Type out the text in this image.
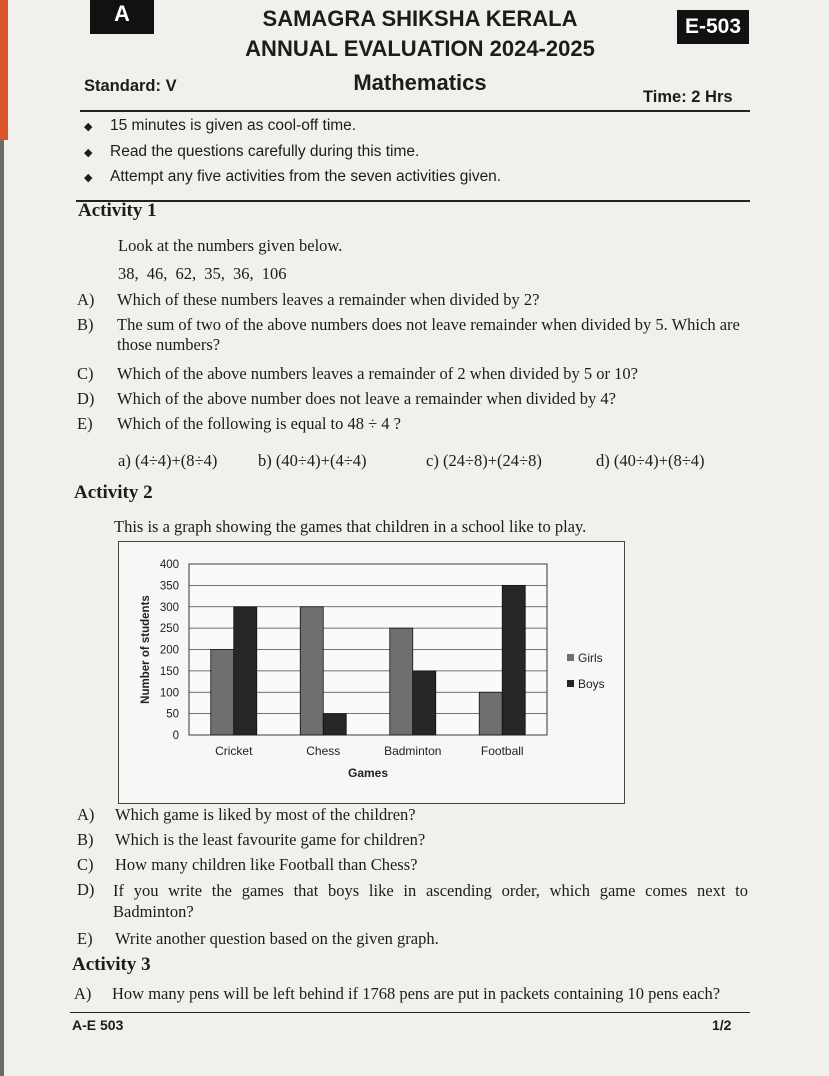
A	SAMAGRA SHIKSHA KERALA
ANNUAL EVALUATION 2024-2025
E-503
Standard: V	Mathematics
Time: 2 Hrs
◆ 15 minutes is given as cool-off time.
◆ Read the questions carefully during this time.
◆ Attempt any five activities from the seven activities given.
Activity 1
Look at the numbers given below.
38, 46, 62, 35, 36, 106
A) Which of these numbers leaves a remainder when divided by 2?
B) The sum of two of the above numbers does not leave remainder when divided by 5. Which are those numbers?
C) Which of the above numbers leaves a remainder of 2 when divided by 5 or 10?
D) Which of the above number does not leave a remainder when divided by 4?
E) Which of the following is equal to 48 ÷ 4 ?
a) (4÷4)+(8÷4) b) (40÷4)+(4÷4)	c) (24÷8)+(24÷8)	d) (40÷4)+(8÷4)
Activity 2
This is a graph showing the games that children in a school like to play.
0
50
100
150
200
250
300
350
400
Cricket	Chess	Badminton	Football
Games
Number of students	Girls
Boys
A) Which game is liked by most of the children?
B) Which is the least favourite game for children?
C) How many children like Football than Chess?
D) If you write the games that boys like in ascending order, which game comes next to Badminton?
E) Write another question based on the given graph.
Activity 3
A) How many pens will be left behind if 1768 pens are put in packets containing 10 pens each?
A-E 503	1/2
